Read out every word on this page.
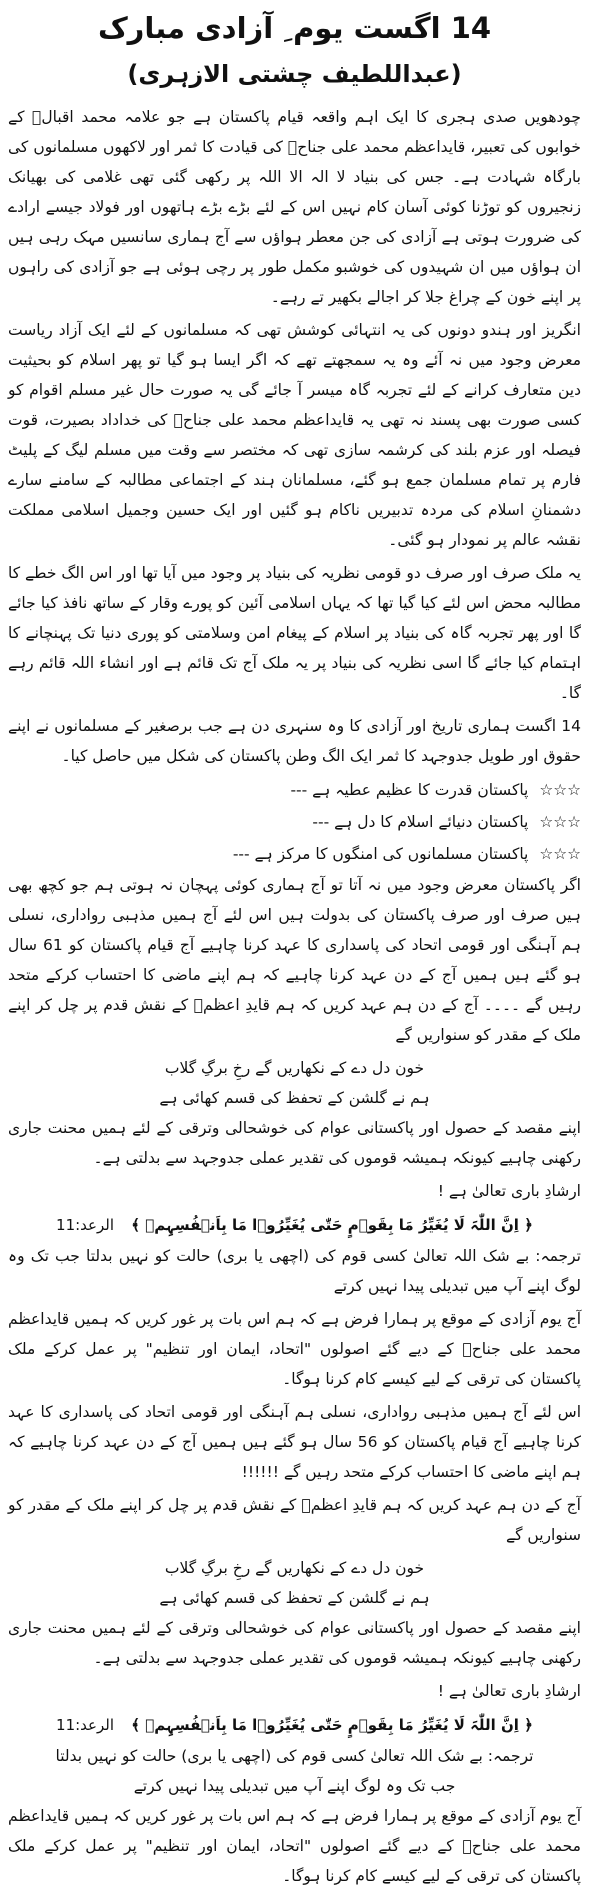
14 اگست یوم ِ آزادی مبارک
(عبداللطیف چشتی الازہری)

چودھویں صدی ہجری کا ایک اہم واقعہ قیام پاکستان ہے جو علامہ محمد اقبالؒ کے خوابوں کی تعبیر، قایداعظم محمد علی جناحؒ کی قیادت کا ثمر اور لاکھوں مسلمانوں کی بارگاہ شہادت ہے۔ جس کی بنیاد لا الہ الا اللہ پر رکھی گئی تھی غلامی کی بھیانک زنجیروں کو توڑنا کوئی آسان کام نہیں اس کے لئے بڑے بڑے ہاتھوں اور فولاد جیسے ارادے کی ضرورت ہوتی ہے آزادی کی جن معطر ہواؤں سے آج ہماری سانسیں مہک رہی ہیں ان ہواؤں میں ان شہیدوں کی خوشبو مکمل طور پر رچی ہوئی ہے جو آزادی کی راہوں پر اپنے خون کے چراغ جلا کر اجالے بکھیر تے رہے۔

انگریز اور ہندو دونوں کی یہ انتہائی کوشش تھی کہ مسلمانوں کے لئے ایک آزاد ریاست معرض وجود میں نہ آئے وہ یہ سمجھتے تھے کہ اگر ایسا ہو گیا تو پھر اسلام کو بحیثیت دین متعارف کرانے کے لئے تجربہ گاہ میسر آ جائے گی یہ صورت حال غیر مسلم اقوام کو کسی صورت بھی پسند نہ تھی یہ قایداعظم محمد علی جناحؒ کی خداداد بصیرت، قوت فیصلہ اور عزم بلند کی کرشمہ سازی تھی کہ مختصر سے وقت میں مسلم لیگ کے پلیٹ فارم پر تمام مسلمان جمع ہو گئے، مسلمانان ہند کے اجتماعی مطالبہ کے سامنے سارے دشمنانِ اسلام کی مردہ تدبیریں ناکام ہو گئیں اور ایک حسین وجمیل اسلامی مملکت نقشہ عالم پر نمودار ہو گئی۔

یہ ملک صرف اور صرف دو قومی نظریہ کی بنیاد پر وجود میں آیا تھا اور اس الگ خطے کا مطالبہ محض اس لئے کیا گیا تھا کہ یہاں اسلامی آئین کو پورے وقار کے ساتھ نافذ کیا جائے گا اور پھر تجربہ گاہ کی بنیاد پر اسلام کے پیغام امن وسلامتی کو پوری دنیا تک پہنچانے کا اہتمام کیا جائے گا اسی نظریہ کی بنیاد پر یہ ملک آج تک قائم ہے اور انشاء اللہ قائم رہے گا۔

14 اگست ہماری تاریخ اور آزادی کا وہ سنہری دن ہے جب برصغیر کے مسلمانوں نے اپنے حقوق اور طویل جدوجہد کا ثمر ایک الگ وطن پاکستان کی شکل میں حاصل کیا۔

☆☆☆ پاکستان قدرت کا عظیم عطیہ ہے ---

☆☆☆ پاکستان دنیائے اسلام کا دل ہے ---

☆☆☆ پاکستان مسلمانوں کی امنگوں کا مرکز ہے ---

اگر پاکستان معرض وجود میں نہ آتا تو آج ہماری کوئی پہچان نہ ہوتی ہم جو کچھ بھی ہیں صرف اور صرف پاکستان کی بدولت ہیں اس لئے آج ہمیں مذہبی رواداری، نسلی ہم آہنگی اور قومی اتحاد کی پاسداری کا عہد کرنا چاہیے آج قیام پاکستان کو 61 سال ہو گئے ہیں ہمیں آج کے دن عہد کرنا چاہیے کہ ہم اپنے ماضی کا احتساب کرکے متحد رہیں گے ۔۔۔۔ آج کے دن ہم عہد کریں کہ ہم قایدِ اعظمؒ کے نقش قدم پر چل کر اپنے ملک کے مقدر کو سنواریں گے

خون دل دے کے نکھاریں گے رخِ برگِ گلاب

ہم نے گلشن کے تحفظ کی قسم کھائی ہے

اپنے مقصد کے حصول اور پاکستانی عوام کی خوشحالی وترقی کے لئے ہمیں محنت جاری رکھنی چاہیے کیونکہ ہمیشہ قوموں کی تقدیر عملی جدوجہد سے بدلتی ہے۔

ارشادِ باری تعالیٰ ہے !

﴿ اِنَّ اللّٰہَ لَا یُغَیِّرُ مَا بِقَوۡمٍ حَتّٰی یُغَیِّرُوۡا مَا بِاَنۡفُسِہِمۡ ﴾ الرعد:11

ترجمہ: بے شک اللہ تعالیٰ کسی قوم کی (اچھی یا بری) حالت کو نہیں بدلتا جب تک وہ لوگ اپنے آپ میں تبدیلی پیدا نہیں کرتے

آج یوم آزادی کے موقع پر ہمارا فرض ہے کہ ہم اس بات پر غور کریں کہ ہمیں قایداعظم محمد علی جناحؒ کے دیے گئے اصولوں "اتحاد، ایمان اور تنظیم" پر عمل کرکے ملک پاکستان کی ترقی کے لیے کیسے کام کرنا ہوگا۔

اس لئے آج ہمیں مذہبی رواداری، نسلی ہم آہنگی اور قومی اتحاد کی پاسداری کا عہد کرنا چاہیے آج قیام پاکستان کو 56 سال ہو گئے ہیں ہمیں آج کے دن عہد کرنا چاہیے کہ ہم اپنے ماضی کا احتساب کرکے متحد رہیں گے !!!!!!

آج کے دن ہم عہد کریں کہ ہم قایدِ اعظمؒ کے نقش قدم پر چل کر اپنے ملک کے مقدر کو سنواریں گے

خون دل دے کے نکھاریں گے رخِ برگِ گلاب

ہم نے گلشن کے تحفظ کی قسم کھائی ہے

اپنے مقصد کے حصول اور پاکستانی عوام کی خوشحالی وترقی کے لئے ہمیں محنت جاری رکھنی چاہیے کیونکہ ہمیشہ قوموں کی تقدیر عملی جدوجہد سے بدلتی ہے۔

ارشادِ باری تعالیٰ ہے !

﴿ اِنَّ اللّٰہَ لَا یُغَیِّرُ مَا بِقَوۡمٍ حَتّٰی یُغَیِّرُوۡا مَا بِاَنۡفُسِہِمۡ ﴾ الرعد:11

ترجمہ: بے شک اللہ تعالیٰ کسی قوم کی (اچھی یا بری) حالت کو نہیں بدلتا

جب تک وہ لوگ اپنے آپ میں تبدیلی پیدا نہیں کرتے

آج یوم آزادی کے موقع پر ہمارا فرض ہے کہ ہم اس بات پر غور کریں کہ ہمیں قایداعظم محمد علی جناحؒ کے دیے گئے اصولوں "اتحاد، ایمان اور تنظیم" پر عمل کرکے ملک پاکستان کی ترقی کے لیے کیسے کام کرنا ہوگا۔
